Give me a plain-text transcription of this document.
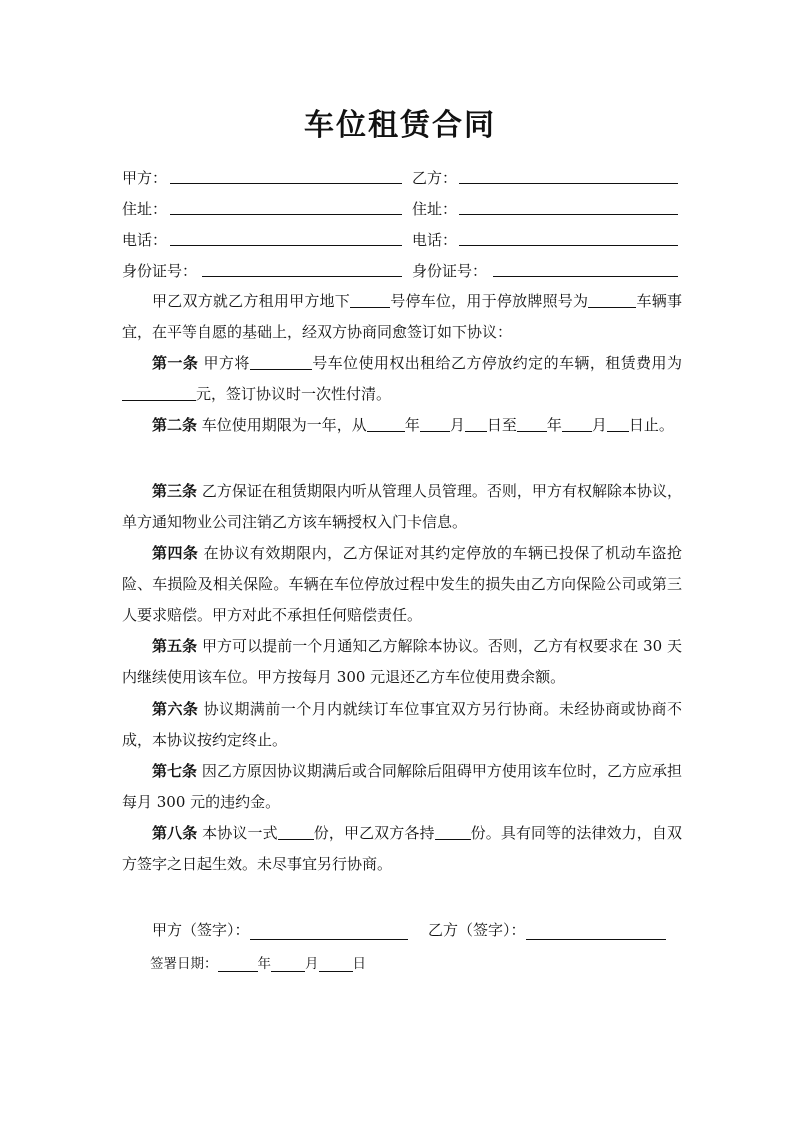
车位租赁合同
甲方：	乙方：
住址：	住址：
电话：	电话：
身份证号：	身份证号：
甲乙双方就乙方租用甲方地下	号停车位，用于停放牌照号为	车辆事宜，在平等自愿的基础上，经双方协商同愈签订如下协议：
第一条 甲方将	号车位使用权出租给乙方停放约定的车辆，租赁费用为元，签订协议时一次性付清。
第二条 车位使用期限为一年，从	年 月 日至 年 月 日止。
第三条 乙方保证在租赁期限内听从管理人员管理。否则，甲方有权解除本协议，单方通知物业公司注销乙方该车辆授权入门卡信息。
第四条 在协议有效期限内，乙方保证对其约定停放的车辆已投保了机动车盗抢险、车损险及相关保险。车辆在车位停放过程中发生的损失由乙方向保险公司或第三人要求赔偿。甲方对此不承担任何赔偿责任。
第五条 甲方可以提前一个月通知乙方解除本协议。否则，乙方有权要求在 30 天内继续使用该车位。甲方按每月 300 元退还乙方车位使用费余额。
第六条 协议期满前一个月内就续订车位事宜双方另行协商。未经协商或协商不成，本协议按约定终止。
第七条 因乙方原因协议期满后或合同解除后阻碍甲方使用该车位时，乙方应承担每月 300 元的违约金。
第八条 本协议一式 份，甲乙双方各持 份。具有同等的法律效力，自双方签字之日起生效。未尽事宜另行协商。
甲方（签字）：	乙方（签字）：
签署日期：	年	月	日
